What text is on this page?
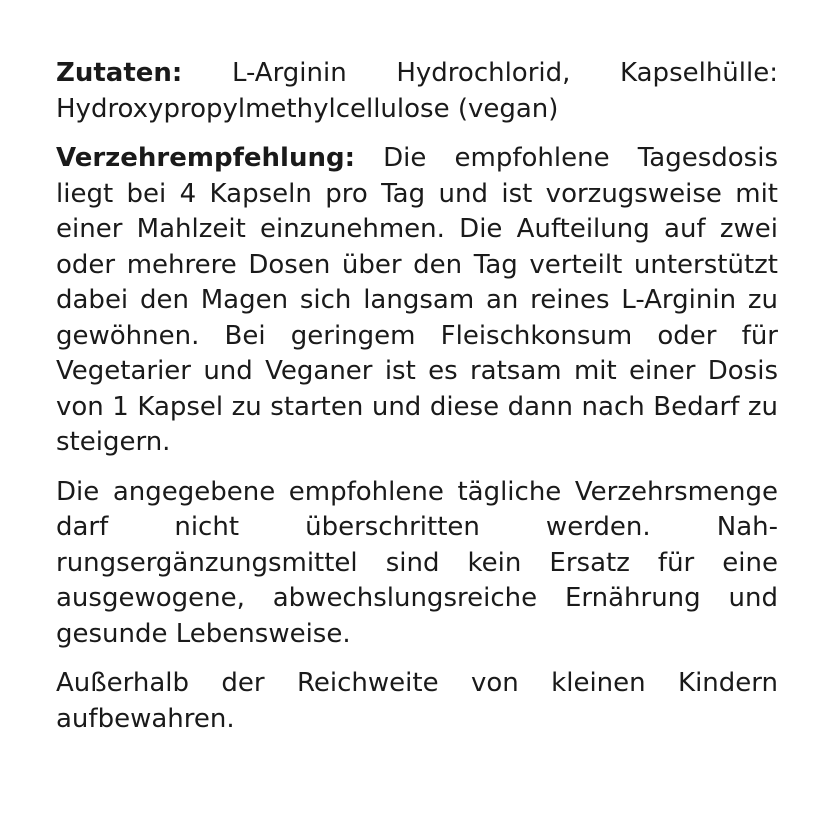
Zutaten: L-Arginin Hydrochlorid, Kapselhülle: Hydroxypropylmethylcellulose (vegan)

Verzehrempfehlung: Die empfohlene Tagesdosis liegt bei 4 Kapseln pro Tag und ist vorzugsweise mit einer Mahlzeit einzunehmen. Die Aufteilung auf zwei oder mehrere Dosen über den Tag verteilt unterstützt dabei den Magen sich langsam an reines L-Arginin zu gewöhnen. Bei geringem Fleischkonsum oder für Vegetarier und Veganer ist es ratsam mit einer Dosis von 1 Kapsel zu starten und diese dann nach Bedarf zu steigern.

Die angegebene empfohlene tägliche Verzehrsmenge darf nicht überschritten werden. Nahrungsergänzungsmittel sind kein Ersatz für eine ausgewogene, abwechslungsreiche Ernährung und gesunde Lebensweise.

Außerhalb der Reichweite von kleinen Kindern aufbewahren.
